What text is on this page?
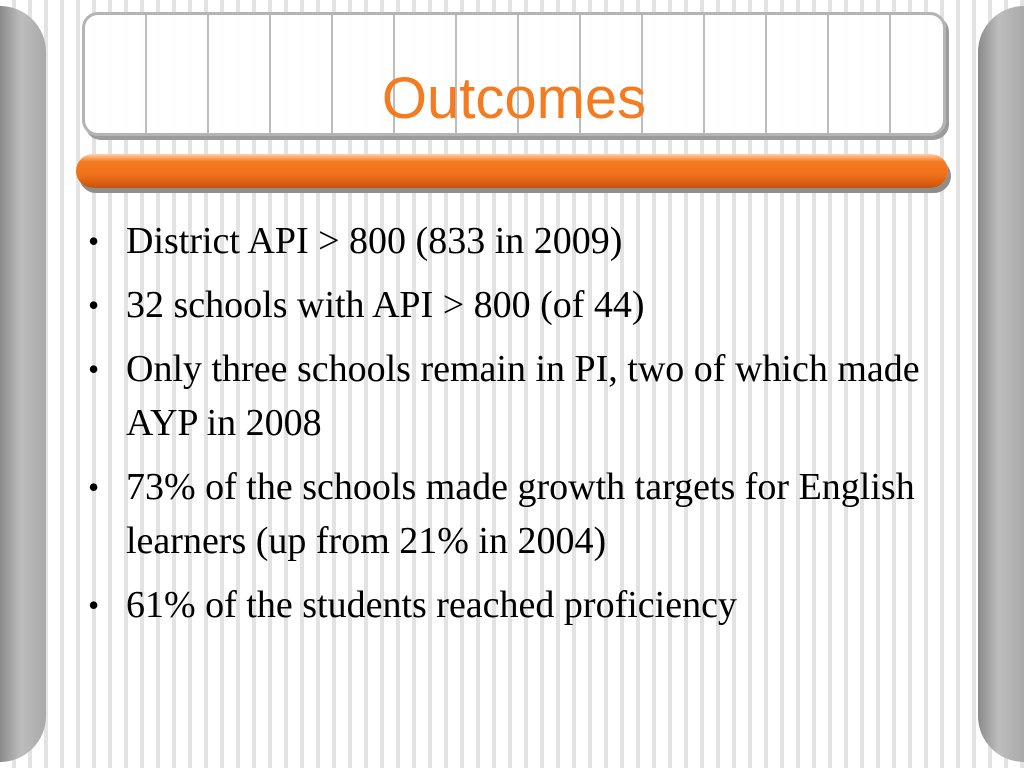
Outcomes
• District API > 800 (833 in 2009)
• 32 schools with API > 800 (of 44)
• Only three schools remain in PI, two of which made AYP in 2008
• 73% of the schools made growth targets for English learners (up from 21% in 2004)
• 61% of the students reached proficiency
